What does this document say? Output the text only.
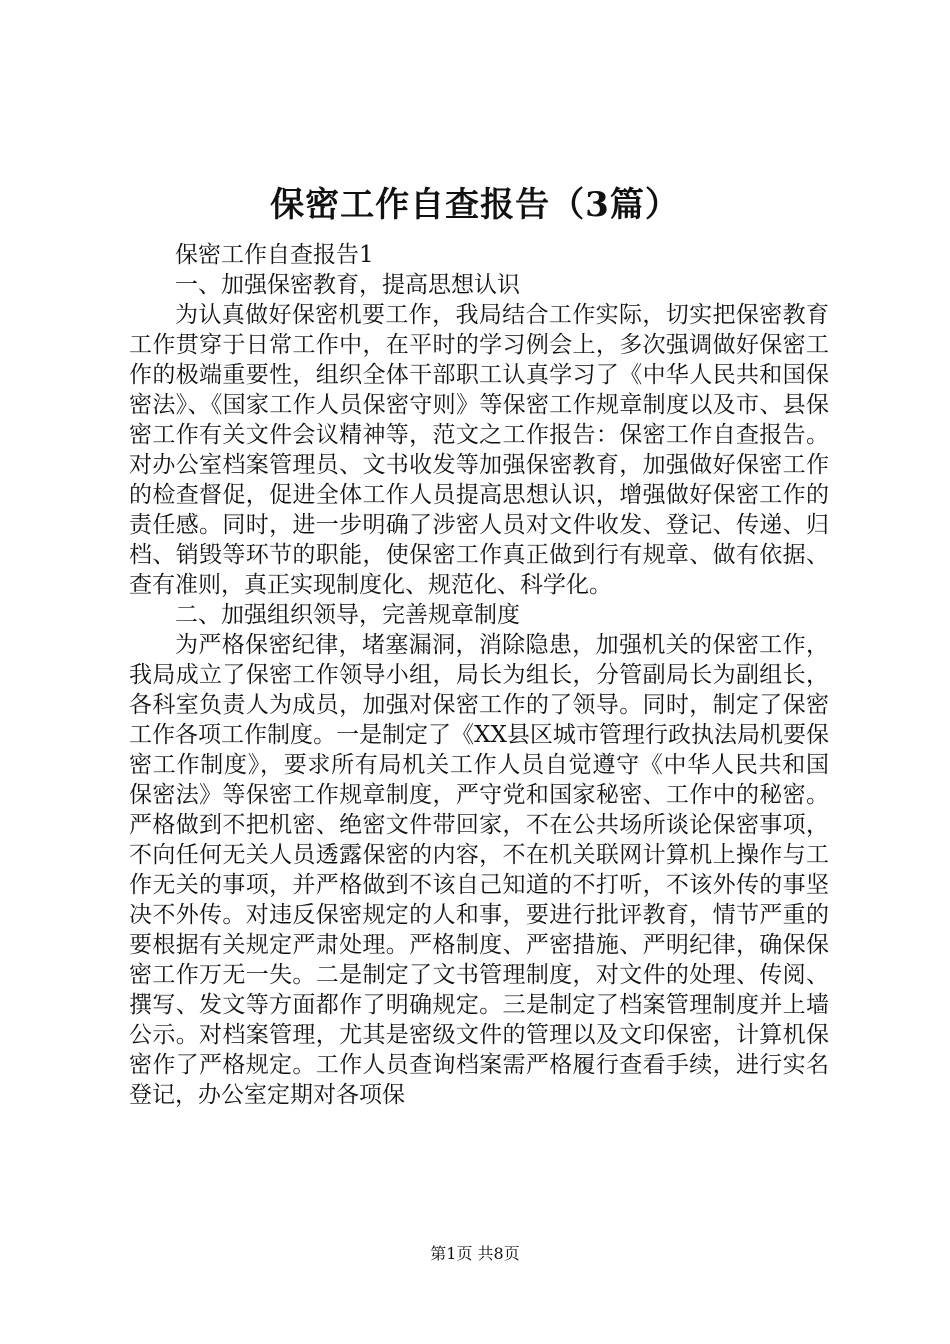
保密工作自查报告（3篇）

保密工作自查报告1

一、加强保密教育，提高思想认识

为认真做好保密机要工作，我局结合工作实际，切实把保密教育工作贯穿于日常工作中，在平时的学习例会上，多次强调做好保密工作的极端重要性，组织全体干部职工认真学习了《中华人民共和国保密法》、《国家工作人员保密守则》等保密工作规章制度以及市、县保密工作有关文件会议精神等，范文之工作报告：保密工作自查报告。对办公室档案管理员、文书收发等加强保密教育，加强做好保密工作的检查督促，促进全体工作人员提高思想认识，增强做好保密工作的责任感。同时，进一步明确了涉密人员对文件收发、登记、传递、归档、销毁等环节的职能，使保密工作真正做到行有规章、做有依据、查有准则，真正实现制度化、规范化、科学化。

二、加强组织领导，完善规章制度

为严格保密纪律，堵塞漏洞，消除隐患，加强机关的保密工作，我局成立了保密工作领导小组，局长为组长，分管副局长为副组长，各科室负责人为成员，加强对保密工作的了领导。同时，制定了保密工作各项工作制度。一是制定了《XX县区城市管理行政执法局机要保密工作制度》，要求所有局机关工作人员自觉遵守《中华人民共和国保密法》等保密工作规章制度，严守党和国家秘密、工作中的秘密。严格做到不把机密、绝密文件带回家，不在公共场所谈论保密事项，不向任何无关人员透露保密的内容，不在机关联网计算机上操作与工作无关的事项，并严格做到不该自己知道的不打听，不该外传的事坚决不外传。对违反保密规定的人和事，要进行批评教育，情节严重的要根据有关规定严肃处理。严格制度、严密措施、严明纪律，确保保密工作万无一失。二是制定了文书管理制度，对文件的处理、传阅、撰写、发文等方面都作了明确规定。三是制定了档案管理制度并上墙公示。对档案管理，尤其是密级文件的管理以及文印保密，计算机保密作了严格规定。工作人员查询档案需严格履行查看手续，进行实名登记，办公室定期对各项保

第1页 共8页
